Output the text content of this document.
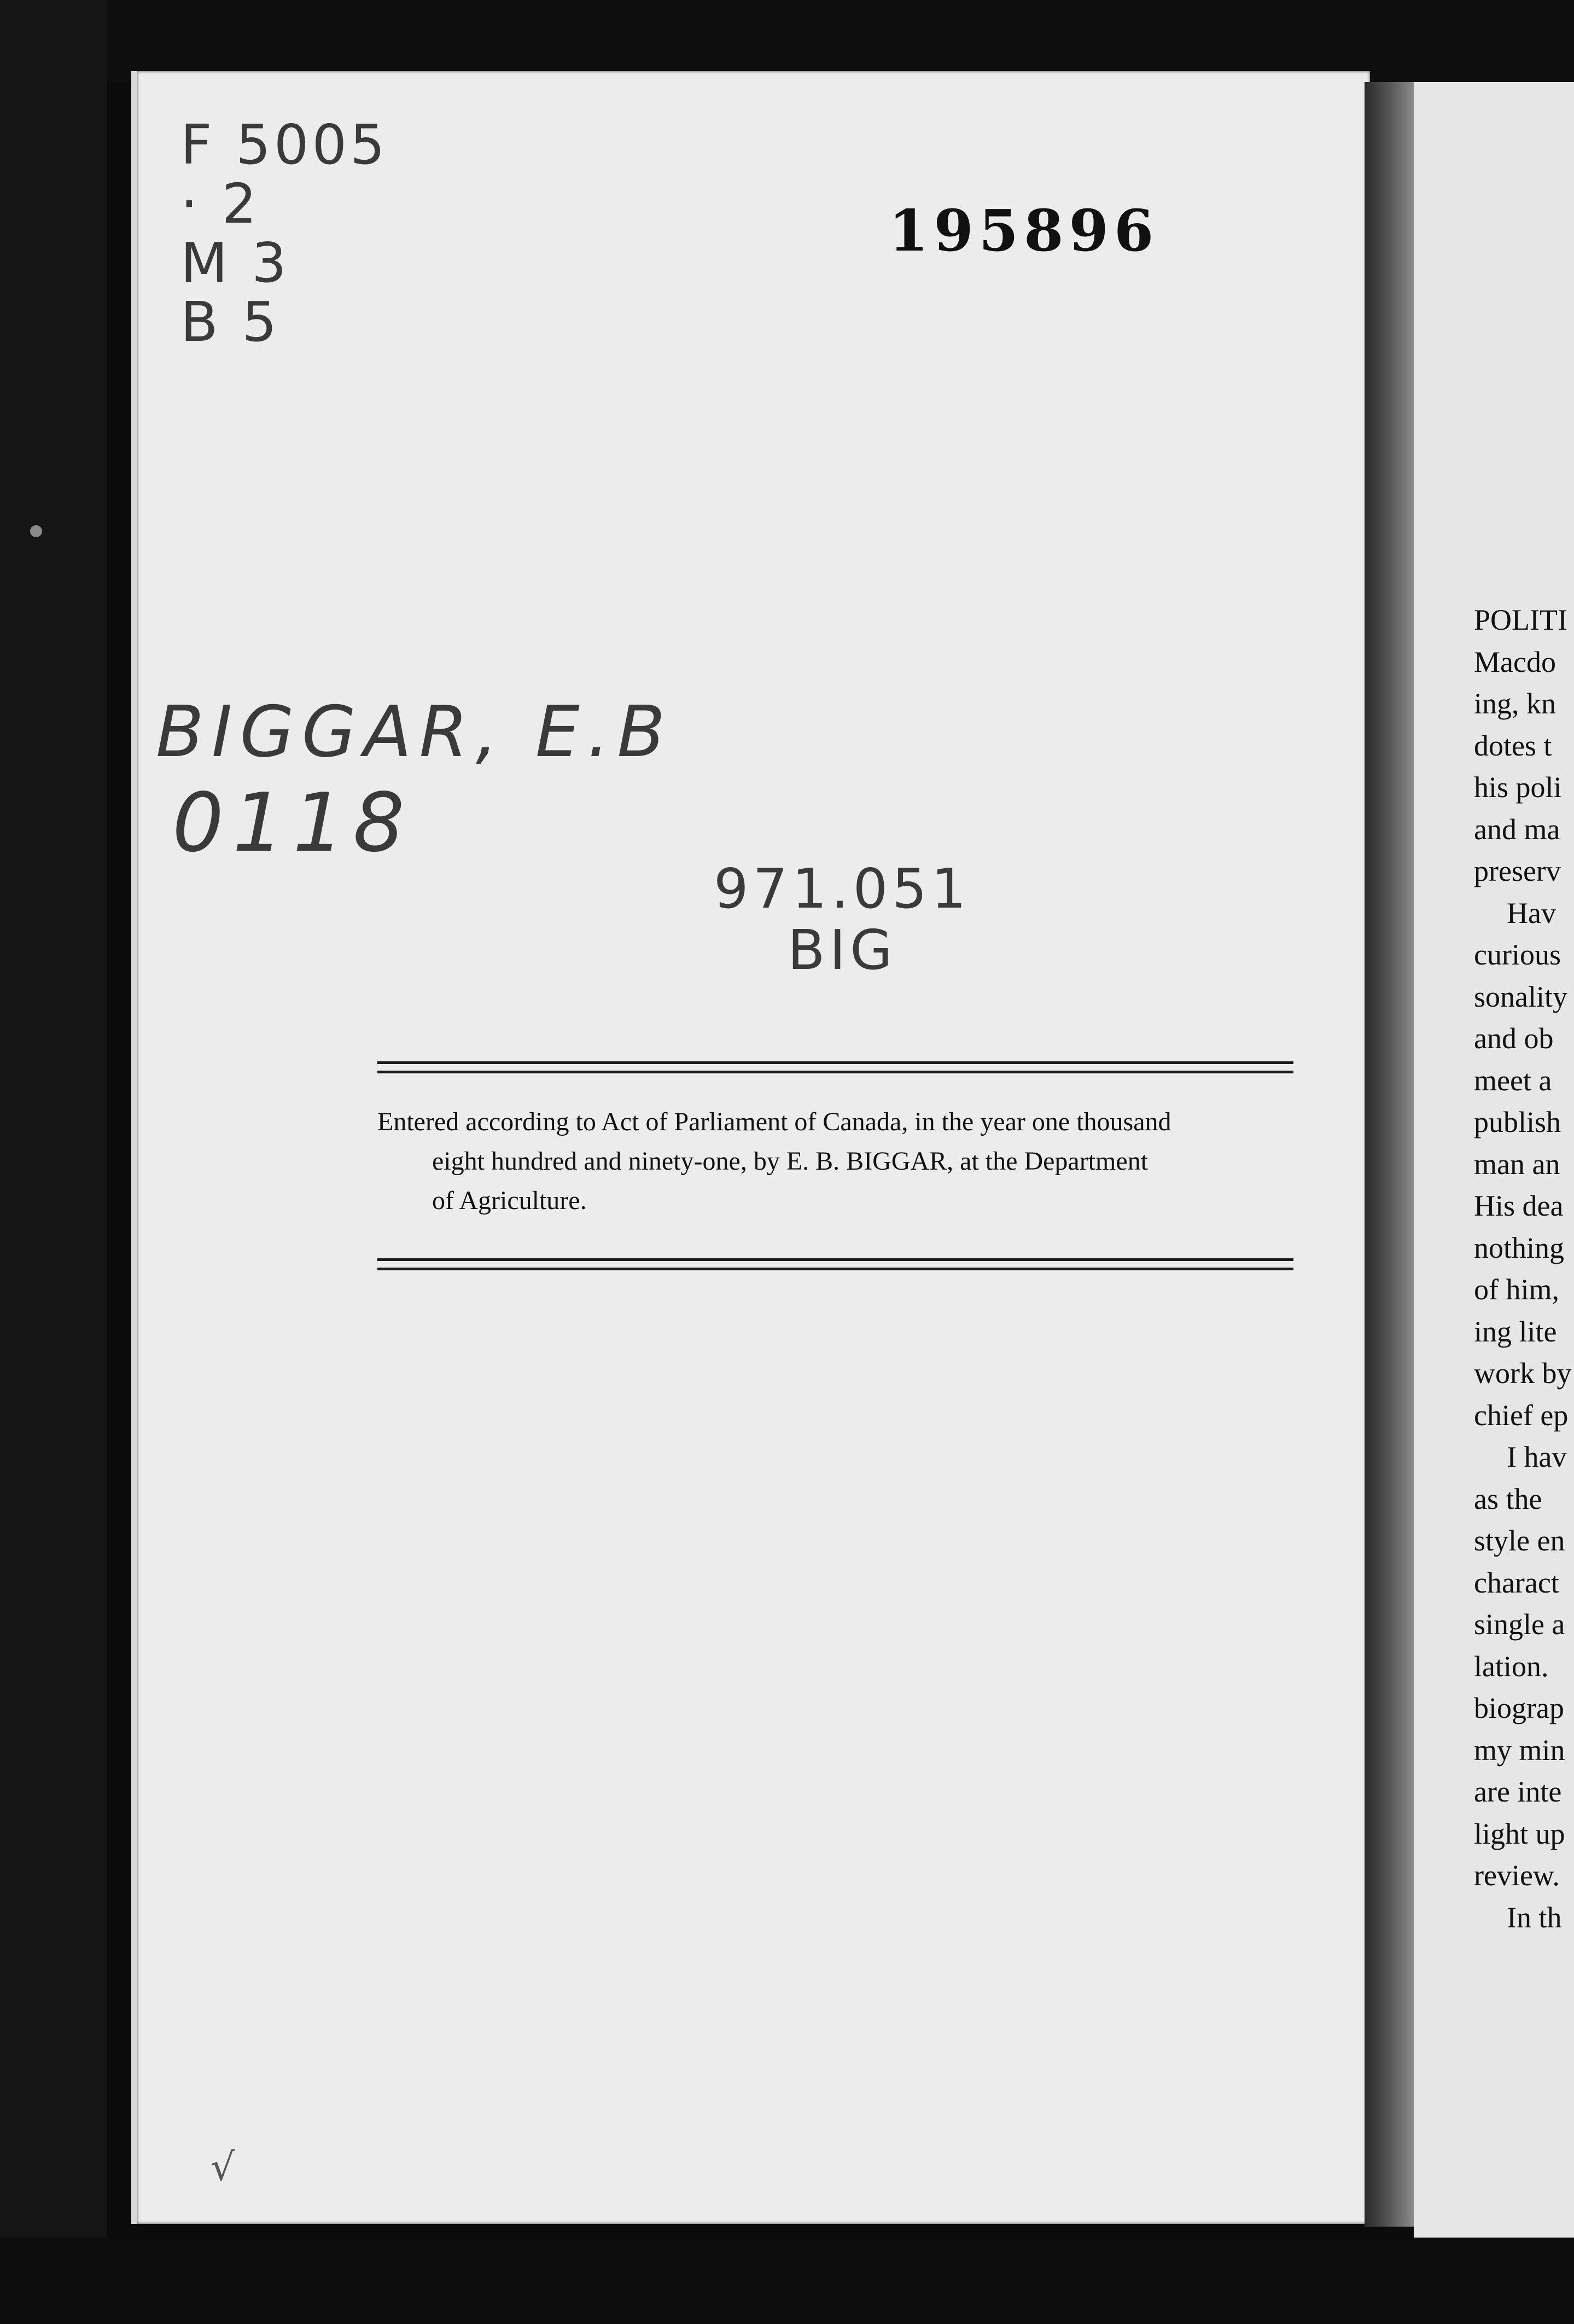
F 5005
· 2
M 3
B 5
195896
BIGGAR, E.B
0118
971.051
BIG
Entered according to Act of Parliament of Canada, in the year one thousand
eight hundred and ninety-one, by E. B. BIGGAR, at the Department
of Agriculture.
√
POLITI
Macdo
ing, kn
dotes t
his poli
and ma
preserv
Hav
curious
sonality
and ob
meet a
publish
man an
His dea
nothing
of him,
ing lite
work by
chief ep
I hav
as the
style en
charact
single a
lation.
biograp
my min
are inte
light up
review.
In th
